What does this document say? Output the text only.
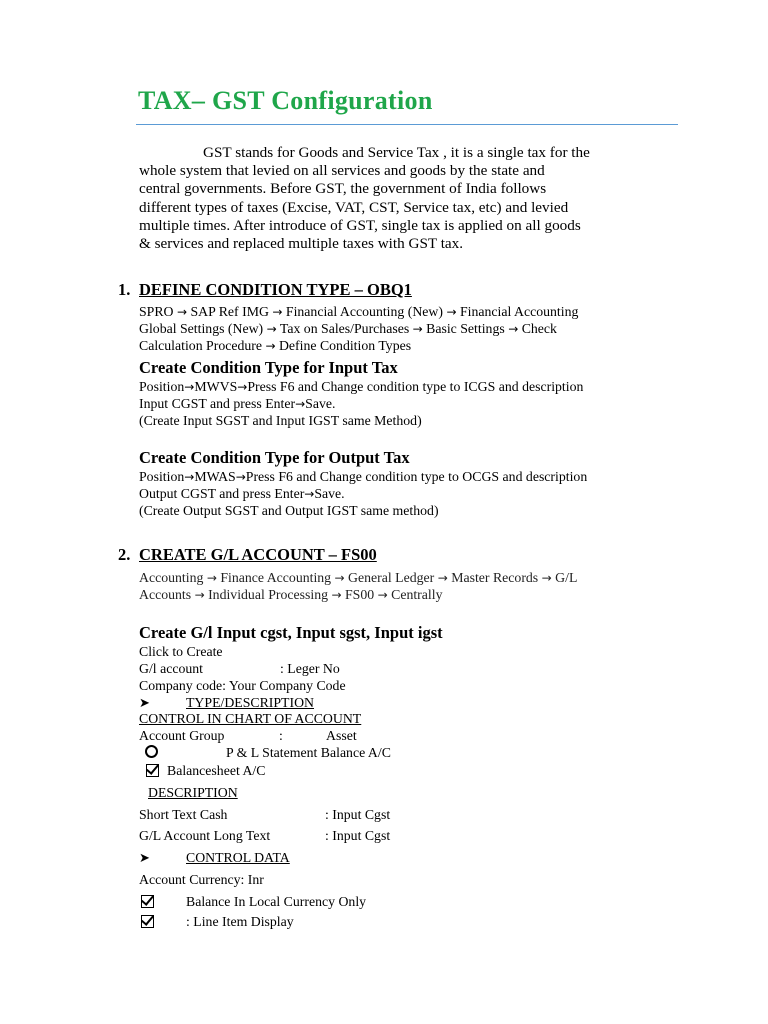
TAX– GST Configuration
GST stands for Goods and Service Tax , it is a single tax for the
whole system that levied on all services and goods by the state and
central governments. Before GST, the government of India follows
different types of taxes (Excise, VAT, CST, Service tax, etc) and levied
multiple times. After introduce of GST, single tax is applied on all goods
& services and replaced multiple taxes with GST tax.
1. DEFINE CONDITION TYPE – OBQ1
SPRO → SAP Ref IMG → Financial Accounting (New) → Financial Accounting
Global Settings (New) → Tax on Sales/Purchases → Basic Settings → Check
Calculation Procedure → Define Condition Types
Create Condition Type for Input Tax
Position→MWVS→Press F6 and Change condition type to ICGS and description
Input CGST and press Enter→Save.
(Create Input SGST and Input IGST same Method)
Create Condition Type for Output Tax
Position→MWAS→Press F6 and Change condition type to OCGS and description
Output CGST and press Enter→Save.
(Create Output SGST and Output IGST same method)
2. CREATE G/L ACCOUNT – FS00
Accounting → Finance Accounting → General Ledger → Master Records → G/L
Accounts → Individual Processing → FS00 → Centrally
Create G/l Input cgst, Input sgst, Input igst
Click to Create
G/l account	: Leger No
Company code: Your Company Code
➤	TYPE/DESCRIPTION
CONTROL IN CHART OF ACCOUNT
Account Group	:	Asset
P & L Statement Balance A/C
Balancesheet A/C
DESCRIPTION
Short Text Cash	: Input Cgst
G/L Account Long Text	: Input Cgst
➤	CONTROL DATA
Account Currency: Inr
Balance In Local Currency Only
: Line Item Display
